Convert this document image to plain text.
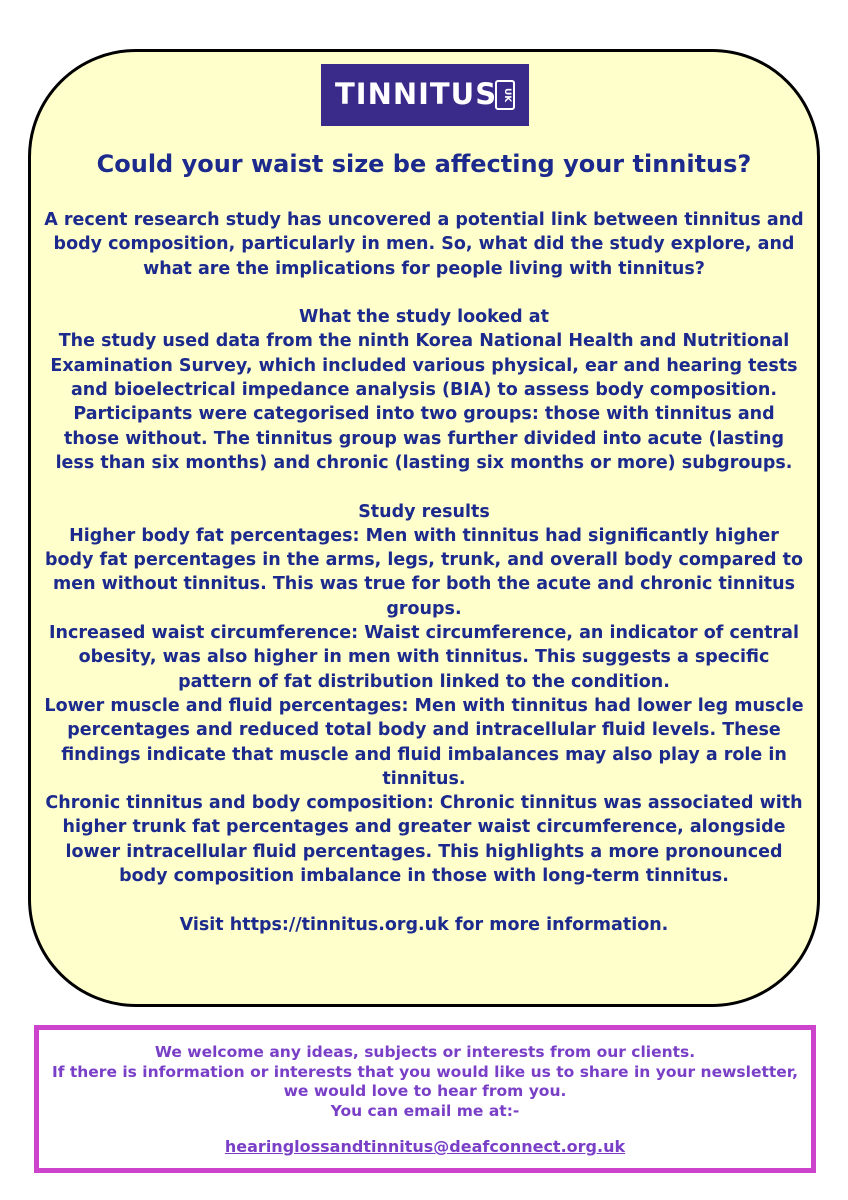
TINNITUS UK
Could your waist size be affecting your tinnitus?

A recent research study has uncovered a potential link between tinnitus and body composition, particularly in men. So, what did the study explore, and what are the implications for people living with tinnitus?

What the study looked at

The study used data from the ninth Korea National Health and Nutritional Examination Survey, which included various physical, ear and hearing tests and bioelectrical impedance analysis (BIA) to assess body composition. Participants were categorised into two groups: those with tinnitus and those without. The tinnitus group was further divided into acute (lasting less than six months) and chronic (lasting six months or more) subgroups.

Study results

Higher body fat percentages: Men with tinnitus had significantly higher body fat percentages in the arms, legs, trunk, and overall body compared to men without tinnitus. This was true for both the acute and chronic tinnitus groups.

Increased waist circumference: Waist circumference, an indicator of central obesity, was also higher in men with tinnitus. This suggests a specific pattern of fat distribution linked to the condition.

Lower muscle and fluid percentages: Men with tinnitus had lower leg muscle percentages and reduced total body and intracellular fluid levels. These findings indicate that muscle and fluid imbalances may also play a role in tinnitus.

Chronic tinnitus and body composition: Chronic tinnitus was associated with higher trunk fat percentages and greater waist circumference, alongside lower intracellular fluid percentages. This highlights a more pronounced body composition imbalance in those with long-term tinnitus.

Visit https://tinnitus.org.uk for more information.

We welcome any ideas, subjects or interests from our clients.

If there is information or interests that you would like us to share in your newsletter, we would love to hear from you.

You can email me at:-

hearinglossandtinnitus@deafconnect.org.uk
